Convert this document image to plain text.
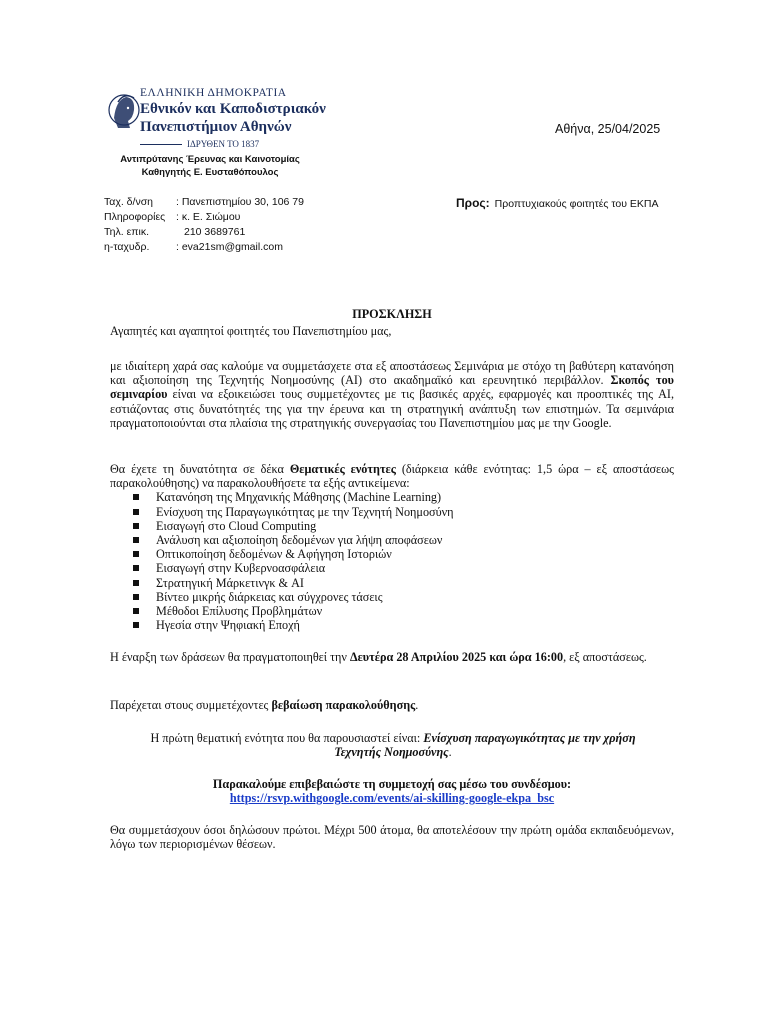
ΕΛΛΗΝΙΚΗ ΔΗΜΟΚΡΑΤΙΑ
Εθνικόν και Καποδιστριακόν
Πανεπιστήμιον Αθηνών
ΙΔΡΥΘΕΝ ΤΟ 1837
Αθήνα, 25/04/2025
Αντιπρύτανης Έρευνας και Καινοτομίας
Καθηγητής Ε. Ευσταθόπουλος
Ταχ. δ/νση	: Πανεπιστημίου 30, 106 79
Πληροφορίες	: κ. Ε. Σιώμου
Τηλ. επικ.	210 3689761
η-ταχυδρ.	: eva21sm@gmail.com
Προς: Προπτυχιακούς φοιτητές του ΕΚΠΑ
ΠΡΟΣΚΛΗΣΗ
Αγαπητές και αγαπητοί φοιτητές του Πανεπιστημίου μας,
με ιδιαίτερη χαρά σας καλούμε να συμμετάσχετε στα εξ αποστάσεως Σεμινάρια με στόχο τη βαθύτερη κατανόηση και αξιοποίηση της Τεχνητής Νοημοσύνης (AI) στο ακαδημαϊκό και ερευνητικό περιβάλλον. Σκοπός του σεμιναρίου είναι να εξοικειώσει τους συμμετέχοντες με τις βασικές αρχές, εφαρμογές και προοπτικές της AI, εστιάζοντας στις δυνατότητές της για την έρευνα και τη στρατηγική ανάπτυξη των επιστημών. Τα σεμινάρια πραγματοποιούνται στα πλαίσια της στρατηγικής συνεργασίας του Πανεπιστημίου μας με την Google.
Θα έχετε τη δυνατότητα σε δέκα Θεματικές ενότητες (διάρκεια κάθε ενότητας: 1,5 ώρα – εξ αποστάσεως παρακολούθησης) να παρακολουθήσετε τα εξής αντικείμενα:
Κατανόηση της Μηχανικής Μάθησης (Machine Learning)
Ενίσχυση της Παραγωγικότητας με την Τεχνητή Νοημοσύνη
Εισαγωγή στο Cloud Computing
Ανάλυση και αξιοποίηση δεδομένων για λήψη αποφάσεων
Οπτικοποίηση δεδομένων & Αφήγηση Ιστοριών
Εισαγωγή στην Κυβερνοασφάλεια
Στρατηγική Μάρκετινγκ & AI
Βίντεο μικρής διάρκειας και σύγχρονες τάσεις
Μέθοδοι Επίλυσης Προβλημάτων
Ηγεσία στην Ψηφιακή Εποχή
Η έναρξη των δράσεων θα πραγματοποιηθεί την Δευτέρα 28 Απριλίου 2025 και ώρα 16:00, εξ αποστάσεως.
Παρέχεται στους συμμετέχοντες βεβαίωση παρακολούθησης.
Η πρώτη θεματική ενότητα που θα παρουσιαστεί είναι: Ενίσχυση παραγωγικότητας με την χρήση Τεχνητής Νοημοσύνης.
Παρακαλούμε επιβεβαιώστε τη συμμετοχή σας μέσω του συνδέσμου:
https://rsvp.withgoogle.com/events/ai-skilling-google-ekpa_bsc
Θα συμμετάσχουν όσοι δηλώσουν πρώτοι. Μέχρι 500 άτομα, θα αποτελέσουν την πρώτη ομάδα εκπαιδευόμενων, λόγω των περιορισμένων θέσεων.
